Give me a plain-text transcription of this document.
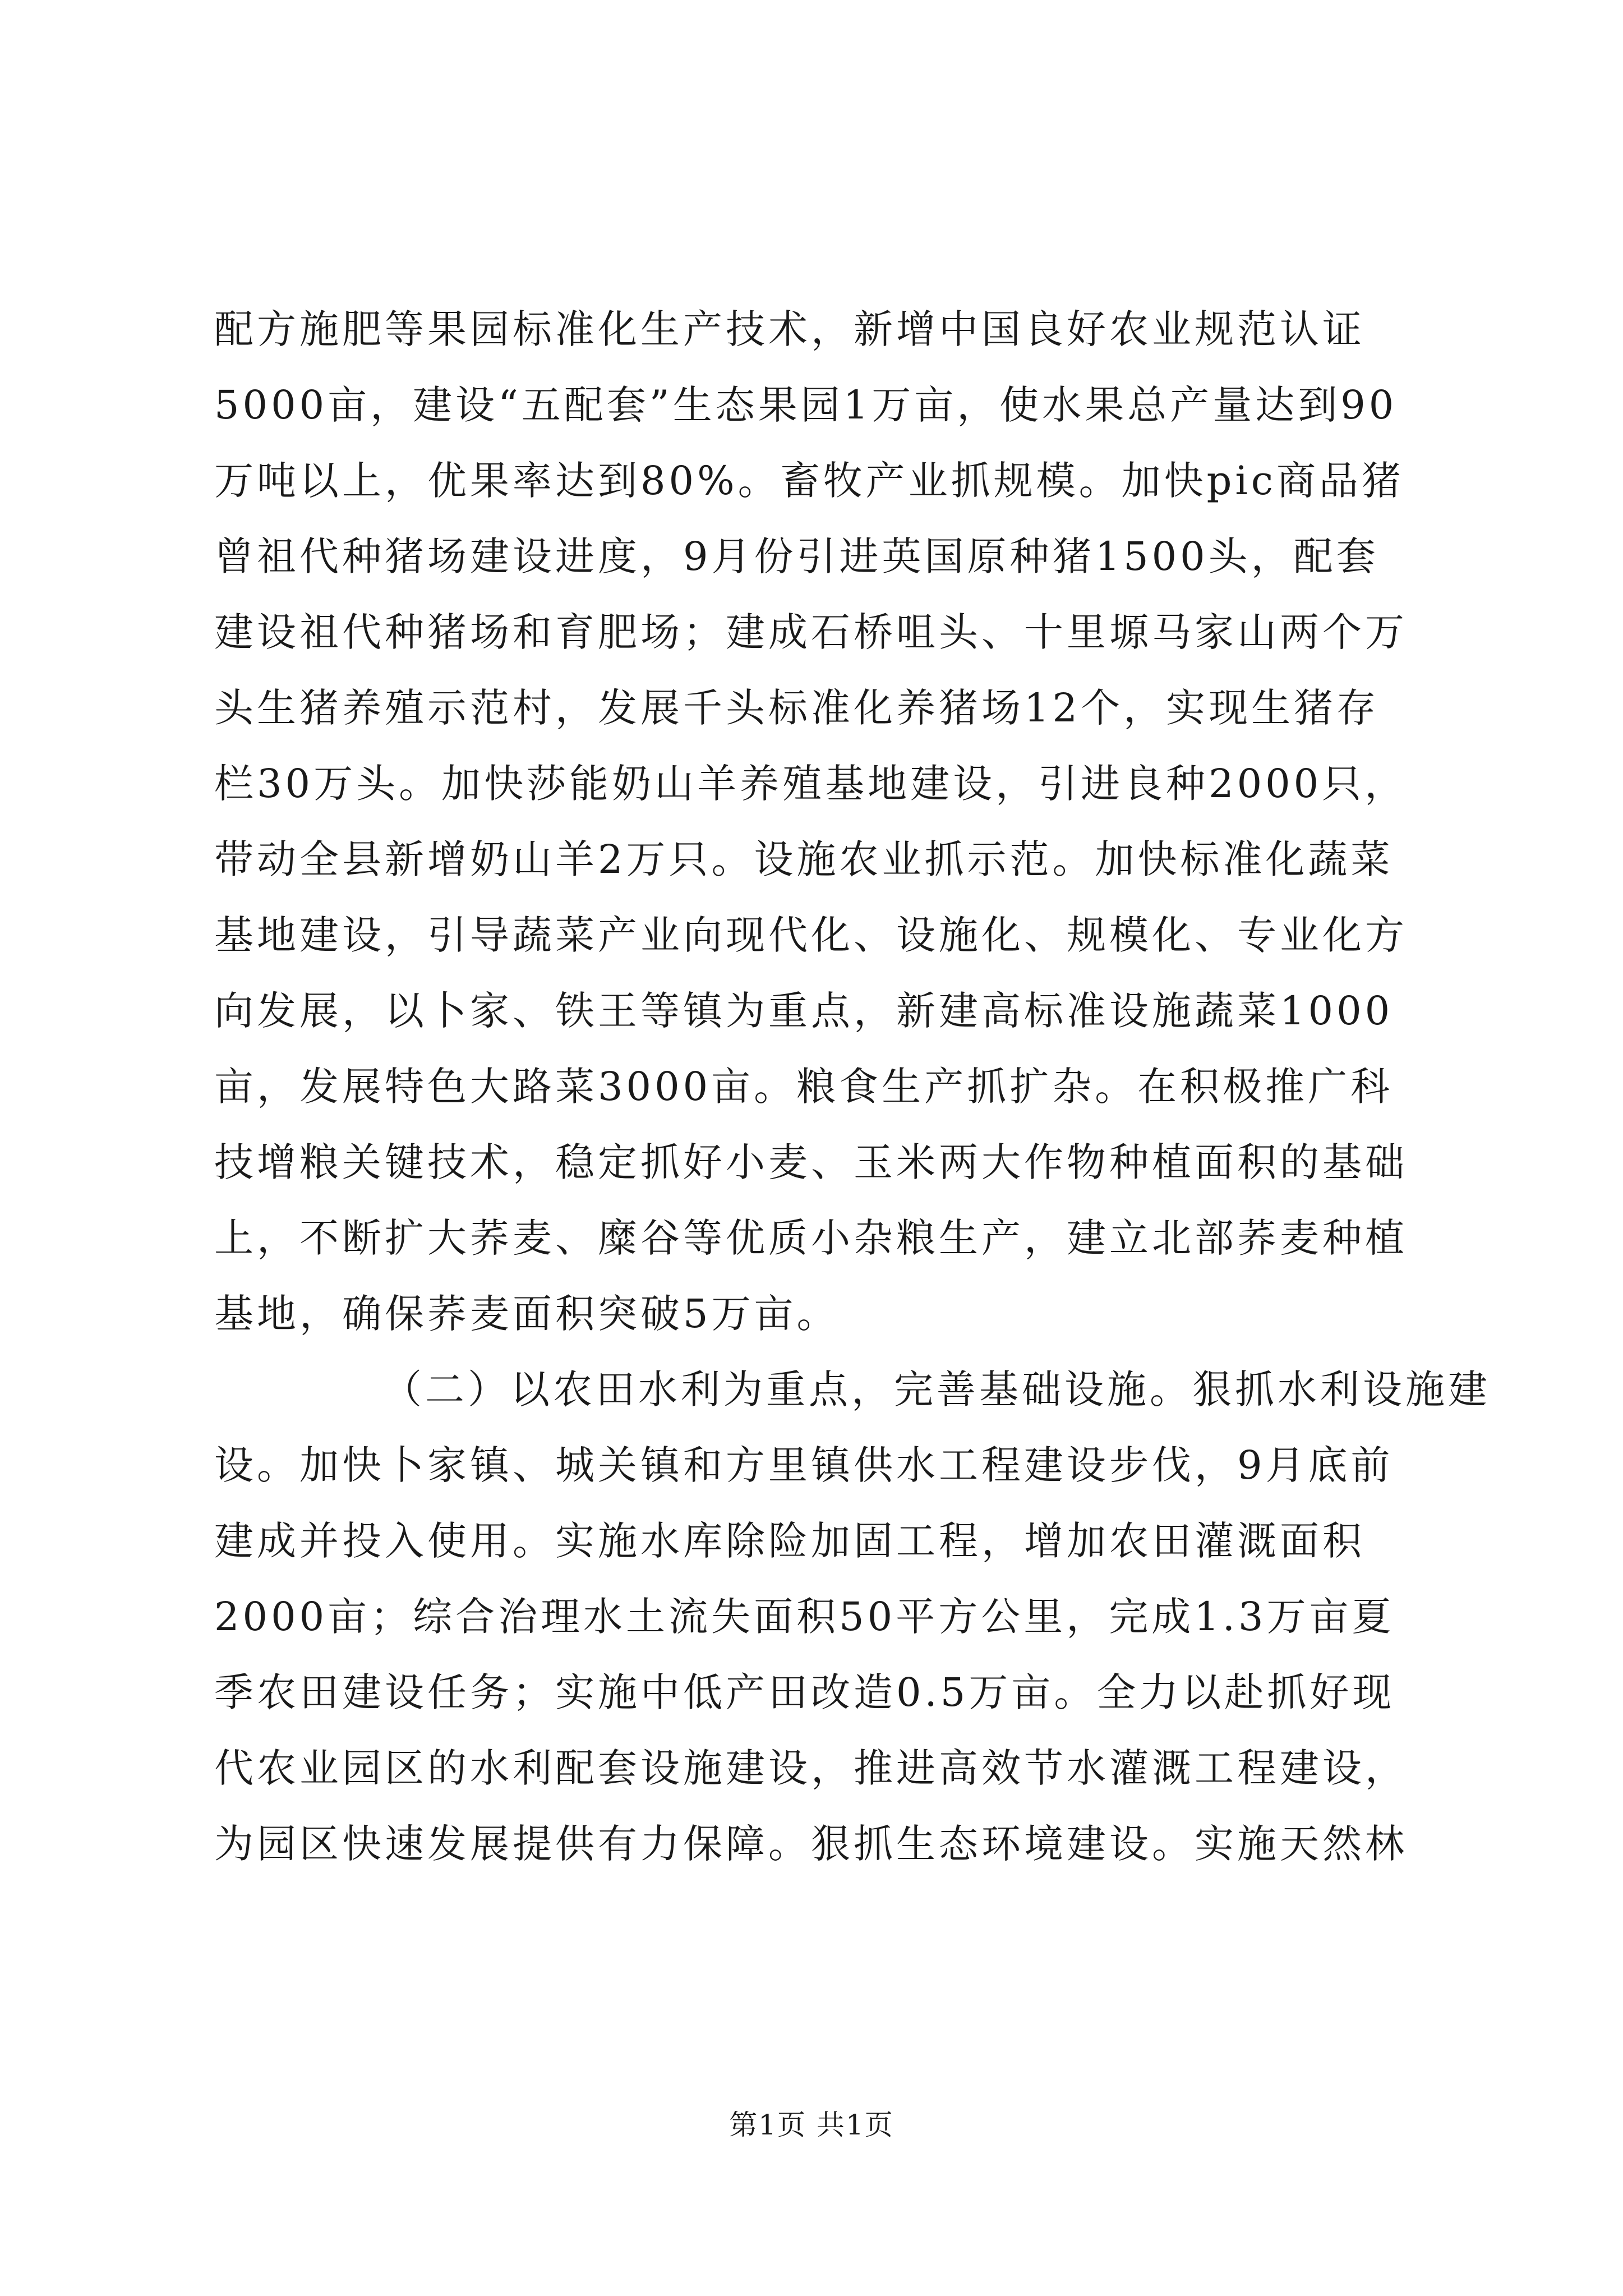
配方施肥等果园标准化生产技术，新增中国良好农业规范认证
5000亩，建设“五配套”生态果园1万亩，使水果总产量达到90
万吨以上，优果率达到80%。畜牧产业抓规模。加快pic商品猪
曾祖代种猪场建设进度，9月份引进英国原种猪1500头，配套
建设祖代种猪场和育肥场；建成石桥咀头、十里塬马家山两个万
头生猪养殖示范村，发展千头标准化养猪场12个，实现生猪存
栏30万头。加快莎能奶山羊养殖基地建设，引进良种2000只，
带动全县新增奶山羊2万只。设施农业抓示范。加快标准化蔬菜
基地建设，引导蔬菜产业向现代化、设施化、规模化、专业化方
向发展，以卜家、铁王等镇为重点，新建高标准设施蔬菜1000
亩，发展特色大路菜3000亩。粮食生产抓扩杂。在积极推广科
技增粮关键技术，稳定抓好小麦、玉米两大作物种植面积的基础
上，不断扩大荞麦、糜谷等优质小杂粮生产，建立北部荞麦种植
基地，确保荞麦面积突破5万亩。
（二）以农田水利为重点，完善基础设施。狠抓水利设施建
设。加快卜家镇、城关镇和方里镇供水工程建设步伐，9月底前
建成并投入使用。实施水库除险加固工程，增加农田灌溉面积
2000亩；综合治理水土流失面积50平方公里，完成1.3万亩夏
季农田建设任务；实施中低产田改造0.5万亩。全力以赴抓好现
代农业园区的水利配套设施建设，推进高效节水灌溉工程建设，
为园区快速发展提供有力保障。狠抓生态环境建设。实施天然林
第1页 共1页
